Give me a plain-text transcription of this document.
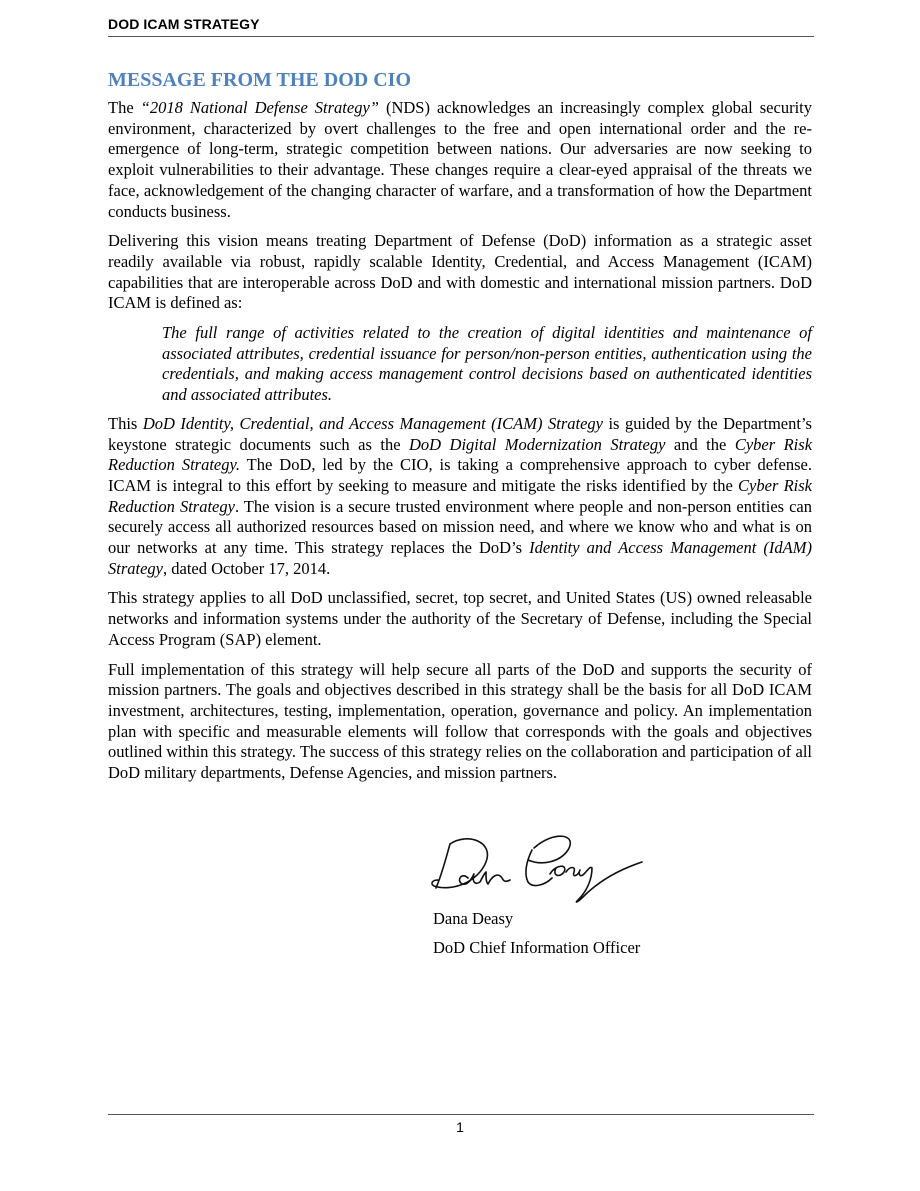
DOD ICAM STRATEGY
MESSAGE FROM THE DOD CIO

The “2018 National Defense Strategy” (NDS) acknowledges an increasingly complex global security environment, characterized by overt challenges to the free and open international order and the re-emergence of long-term, strategic competition between nations. Our adversaries are now seeking to exploit vulnerabilities to their advantage. These changes require a clear-eyed appraisal of the threats we face, acknowledgement of the changing character of warfare, and a transformation of how the Department conducts business.

Delivering this vision means treating Department of Defense (DoD) information as a strategic asset readily available via robust, rapidly scalable Identity, Credential, and Access Management (ICAM) capabilities that are interoperable across DoD and with domestic and international mission partners. DoD ICAM is defined as:

The full range of activities related to the creation of digital identities and maintenance of associated attributes, credential issuance for person/non-person entities, authentication using the credentials, and making access management control decisions based on authenticated identities and associated attributes.

This DoD Identity, Credential, and Access Management (ICAM) Strategy is guided by the Department’s keystone strategic documents such as the DoD Digital Modernization Strategy and the Cyber Risk Reduction Strategy. The DoD, led by the CIO, is taking a comprehensive approach to cyber defense. ICAM is integral to this effort by seeking to measure and mitigate the risks identified by the Cyber Risk Reduction Strategy. The vision is a secure trusted environment where people and non-person entities can securely access all authorized resources based on mission need, and where we know who and what is on our networks at any time. This strategy replaces the DoD’s Identity and Access Management (IdAM) Strategy, dated October 17, 2014.

This strategy applies to all DoD unclassified, secret, top secret, and United States (US) owned releasable networks and information systems under the authority of the Secretary of Defense, including the Special Access Program (SAP) element.

Full implementation of this strategy will help secure all parts of the DoD and supports the security of mission partners. The goals and objectives described in this strategy shall be the basis for all DoD ICAM investment, architectures, testing, implementation, operation, governance and policy. An implementation plan with specific and measurable elements will follow that corresponds with the goals and objectives outlined within this strategy. The success of this strategy relies on the collaboration and participation of all DoD military departments, Defense Agencies, and mission partners.

Dana Deasy
DoD Chief Information Officer
1
